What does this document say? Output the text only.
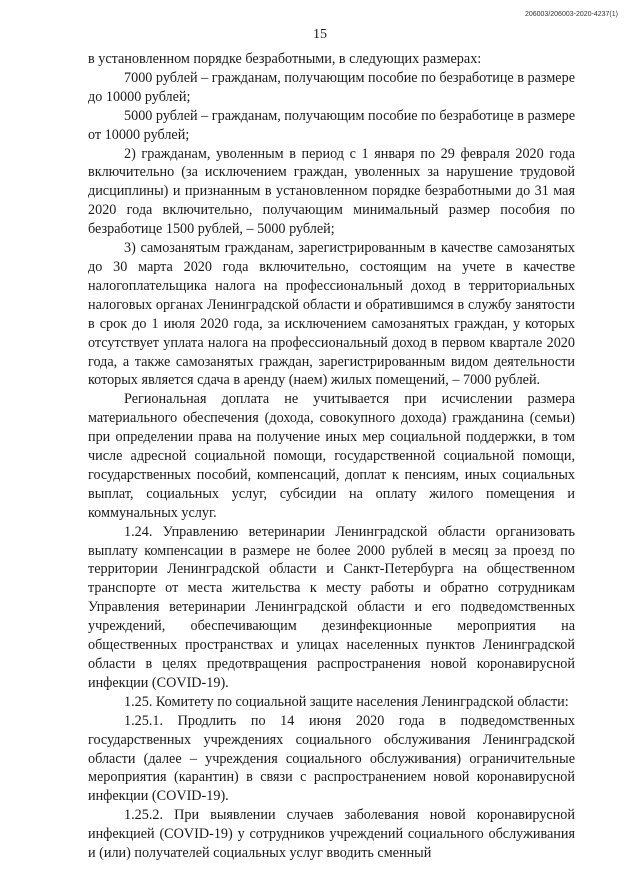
206003/206003-2020-4237(1)
15

в установленном порядке безработными, в следующих размерах:

7000 рублей – гражданам, получающим пособие по безработице в размере до 10000 рублей;

5000 рублей – гражданам, получающим пособие по безработице в размере от 10000 рублей;

2) гражданам, уволенным в период с 1 января по 29 февраля 2020 года включительно (за исключением граждан, уволенных за нарушение трудовой дисциплины) и признанным в установленном порядке безработными до 31 мая 2020 года включительно, получающим минимальный размер пособия по безработице 1500 рублей, – 5000 рублей;

3) самозанятым гражданам, зарегистрированным в качестве самозанятых до 30 марта 2020 года включительно, состоящим на учете в качестве налогоплательщика налога на профессиональный доход в территориальных налоговых органах Ленинградской области и обратившимся в службу занятости в срок до 1 июля 2020 года, за исключением самозанятых граждан, у которых отсутствует уплата налога на профессиональный доход в первом квартале 2020 года, а также самозанятых граждан, зарегистрированным видом деятельности которых является сдача в аренду (наем) жилых помещений, – 7000 рублей.

Региональная доплата не учитывается при исчислении размера материального обеспечения (дохода, совокупного дохода) гражданина (семьи) при определении права на получение иных мер социальной поддержки, в том числе адресной социальной помощи, государственной социальной помощи, государственных пособий, компенсаций, доплат к пенсиям, иных социальных выплат, социальных услуг, субсидии на оплату жилого помещения и коммунальных услуг.

1.24. Управлению ветеринарии Ленинградской области организовать выплату компенсации в размере не более 2000 рублей в месяц за проезд по территории Ленинградской области и Санкт-Петербурга на общественном транспорте от места жительства к месту работы и обратно сотрудникам Управления ветеринарии Ленинградской области и его подведомственных учреждений, обеспечивающим дезинфекционные мероприятия на общественных пространствах и улицах населенных пунктов Ленинградской области в целях предотвращения распространения новой коронавирусной инфекции (COVID-19).

1.25. Комитету по социальной защите населения Ленинградской области:

1.25.1. Продлить по 14 июня 2020 года в подведомственных государственных учреждениях социального обслуживания Ленинградской области (далее – учреждения социального обслуживания) ограничительные мероприятия (карантин) в связи с распространением новой коронавирусной инфекции (COVID-19).

1.25.2. При выявлении случаев заболевания новой коронавирусной инфекцией (COVID-19) у сотрудников учреждений социального обслуживания и (или) получателей социальных услуг вводить сменный
